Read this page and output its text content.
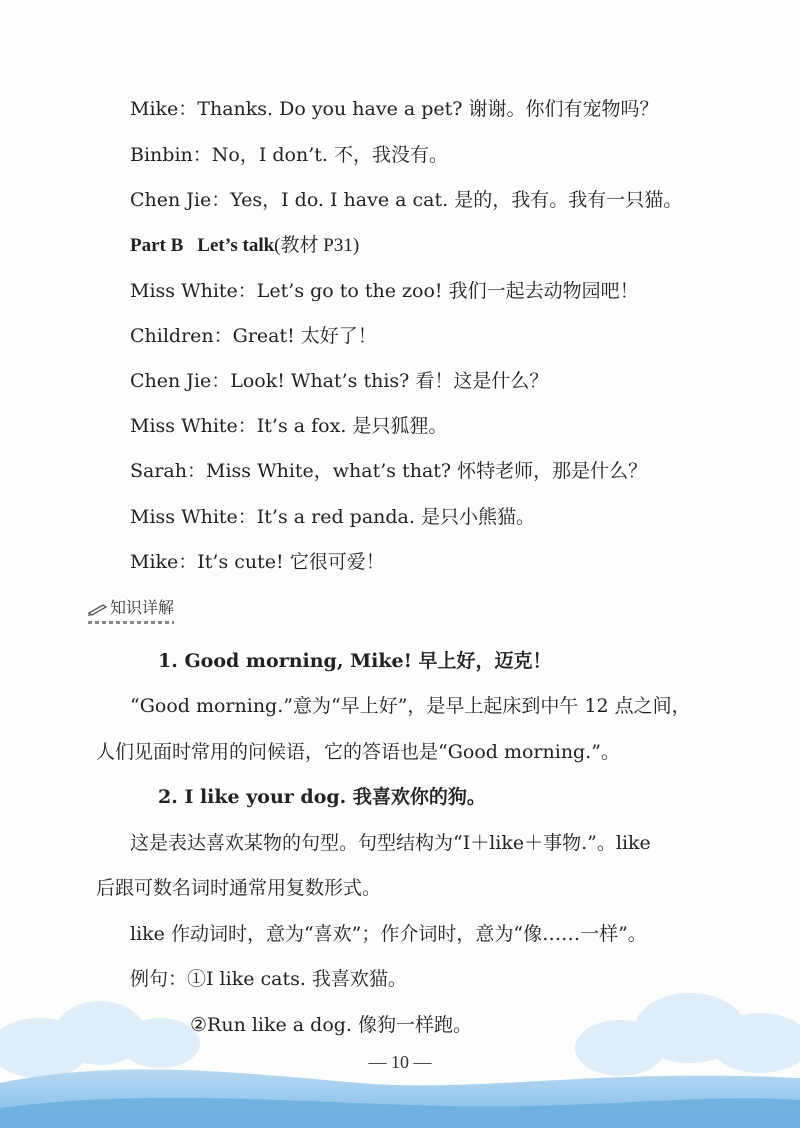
Mike：Thanks. Do you have a pet? 谢谢。你们有宠物吗？
Binbin：No，I don’t. 不，我没有。
Chen Jie：Yes，I do. I have a cat. 是的，我有。我有一只猫。
Part B Let’s talk(教材 P31)
Miss White：Let’s go to the zoo! 我们一起去动物园吧！
Children：Great! 太好了！
Chen Jie：Look! What’s this? 看！这是什么？
Miss White：It’s a fox. 是只狐狸。
Sarah：Miss White，what’s that? 怀特老师，那是什么？
Miss White：It’s a red panda. 是只小熊猫。
Mike：It’s cute! 它很可爱！
知识详解
1. Good morning, Mike! 早上好，迈克！
“Good morning.”意为“早上好”，是早上起床到中午 12 点之间，
人们见面时常用的问候语，它的答语也是“Good morning.”。
2. I like your dog. 我喜欢你的狗。
这是表达喜欢某物的句型。句型结构为“I＋like＋事物.”。like
后跟可数名词时通常用复数形式。
like 作动词时，意为“喜欢”；作介词时，意为“像……一样”。
例句：①I like cats. 我喜欢猫。
②Run like a dog. 像狗一样跑。
— 10 —
